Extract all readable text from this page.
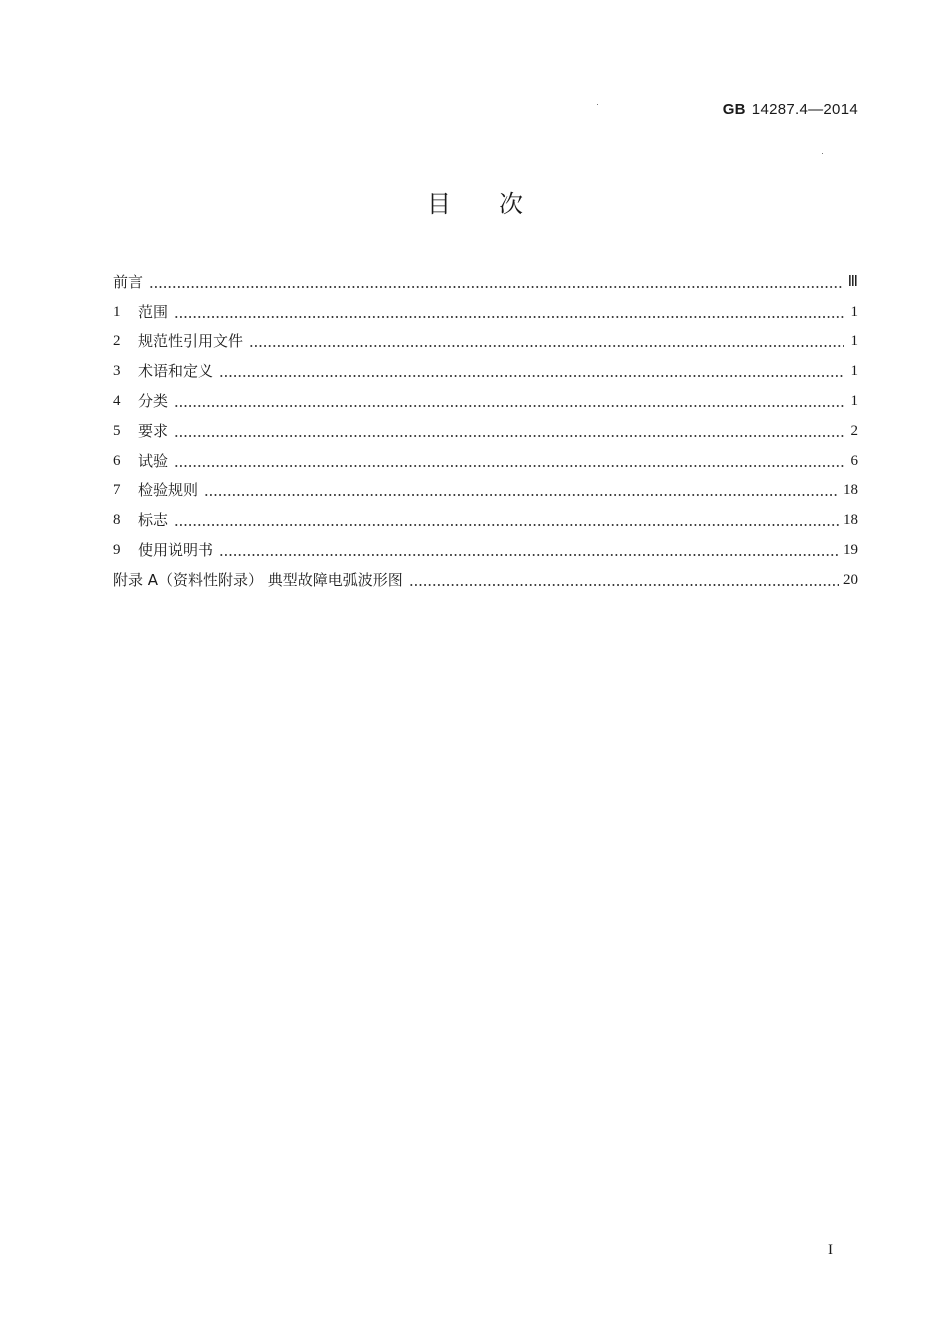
GB 14287.4—2014
目次
前言	Ⅲ
1	范围	1
2	规范性引用文件	1
3	术语和定义	1
4	分类	1
5	要求	2
6	试验	6
7	检验规则	18
8	标志	18
9	使用说明书	19
附录 A（资料性附录） 典型故障电弧波形图	20
I
